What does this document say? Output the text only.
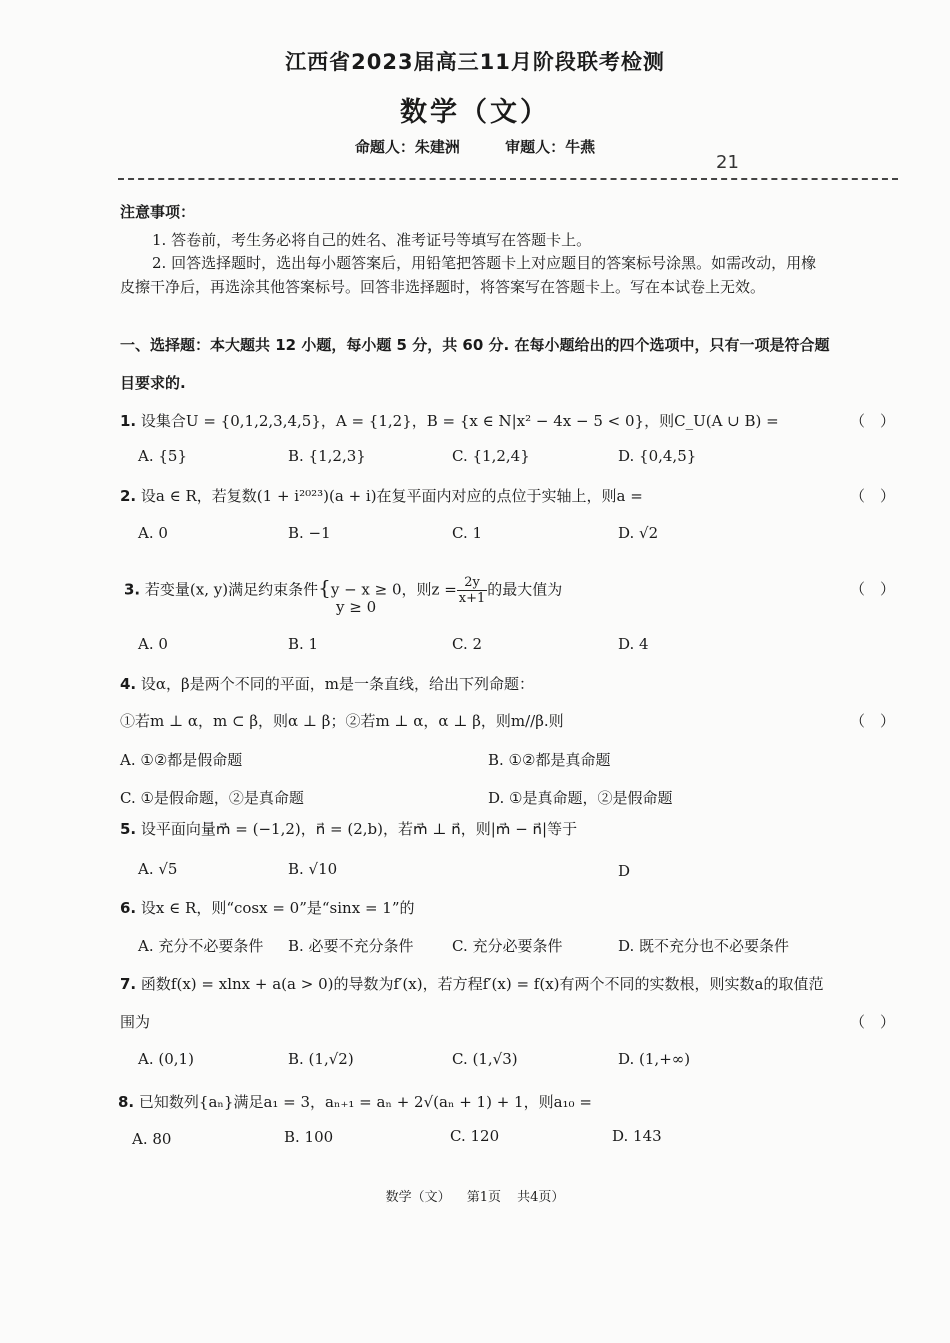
江西省2023届高三11月阶段联考检测
数学（文）
命题人：朱建洲	审题人：牛燕
21
注意事项：
1. 答卷前，考生务必将自己的姓名、准考证号等填写在答题卡上。
2. 回答选择题时，选出每小题答案后，用铅笔把答题卡上对应题目的答案标号涂黑。如需改动，用橡
皮擦干净后，再选涂其他答案标号。回答非选择题时，将答案写在答题卡上。写在本试卷上无效。
一、选择题：本大题共 12 小题，每小题 5 分，共 60 分. 在每小题给出的四个选项中，只有一项是符合题
目要求的.
1. 设集合U = {0,1,2,3,4,5}，A = {1,2}，B = {x ∈ N|x² − 4x − 5 < 0}，则C_U(A ∪ B) =	（　）
A. {5}	B. {1,2,3}	C. {1,2,4}	D. {0,4,5}
2. 设a ∈ R，若复数(1 + i²⁰²³)(a + i)在复平面内对应的点位于实轴上，则a =	（　）
A. 0	B. −1	C. 1	D. √2
3. 若变量(x, y)满足约束条件{y − x ≥ 0，则$z = \frac{2y}{x+1}$ 的最大值为
y ≥ 0
（　）
A. 0	B. 1	C. 2	D. 4
4. 设α，β是两个不同的平面，m是一条直线，给出下列命题：
①若m ⊥ α，m ⊂ β，则α ⊥ β；②若m ⊥ α，α ⊥ β，则m//β.则	（　）
A. ①②都是假命题	B. ①②都是真命题
C. ①是假命题，②是真命题	D. ①是真命题，②是假命题
5. 设平面向量m⃗ = (−1,2)，n⃗ = (2,b)，若m⃗ ⊥ n⃗，则|m⃗ − n⃗|等于
A. √5	B. √10	D
6. 设x ∈ R，则“cosx = 0”是“sinx = 1”的
A. 充分不必要条件 B. 必要不充分条件	C. 充分必要条件	D. 既不充分也不必要条件
7. 函数f(x) = xlnx + a(a > 0)的导数为f′(x)，若方程f′(x) = f(x)有两个不同的实数根，则实数a的取值范
围为	（　）
A. (0,1)	B. (1,√2)	C. (1,√3)	D. (1,+∞)
8. 已知数列{aₙ}满足a₁ = 3，aₙ₊₁ = aₙ + 2√(aₙ + 1) + 1，则a₁₀ =
A. 80	B. 100	C. 120	D. 143
数学（文） 第1页 共4页）
